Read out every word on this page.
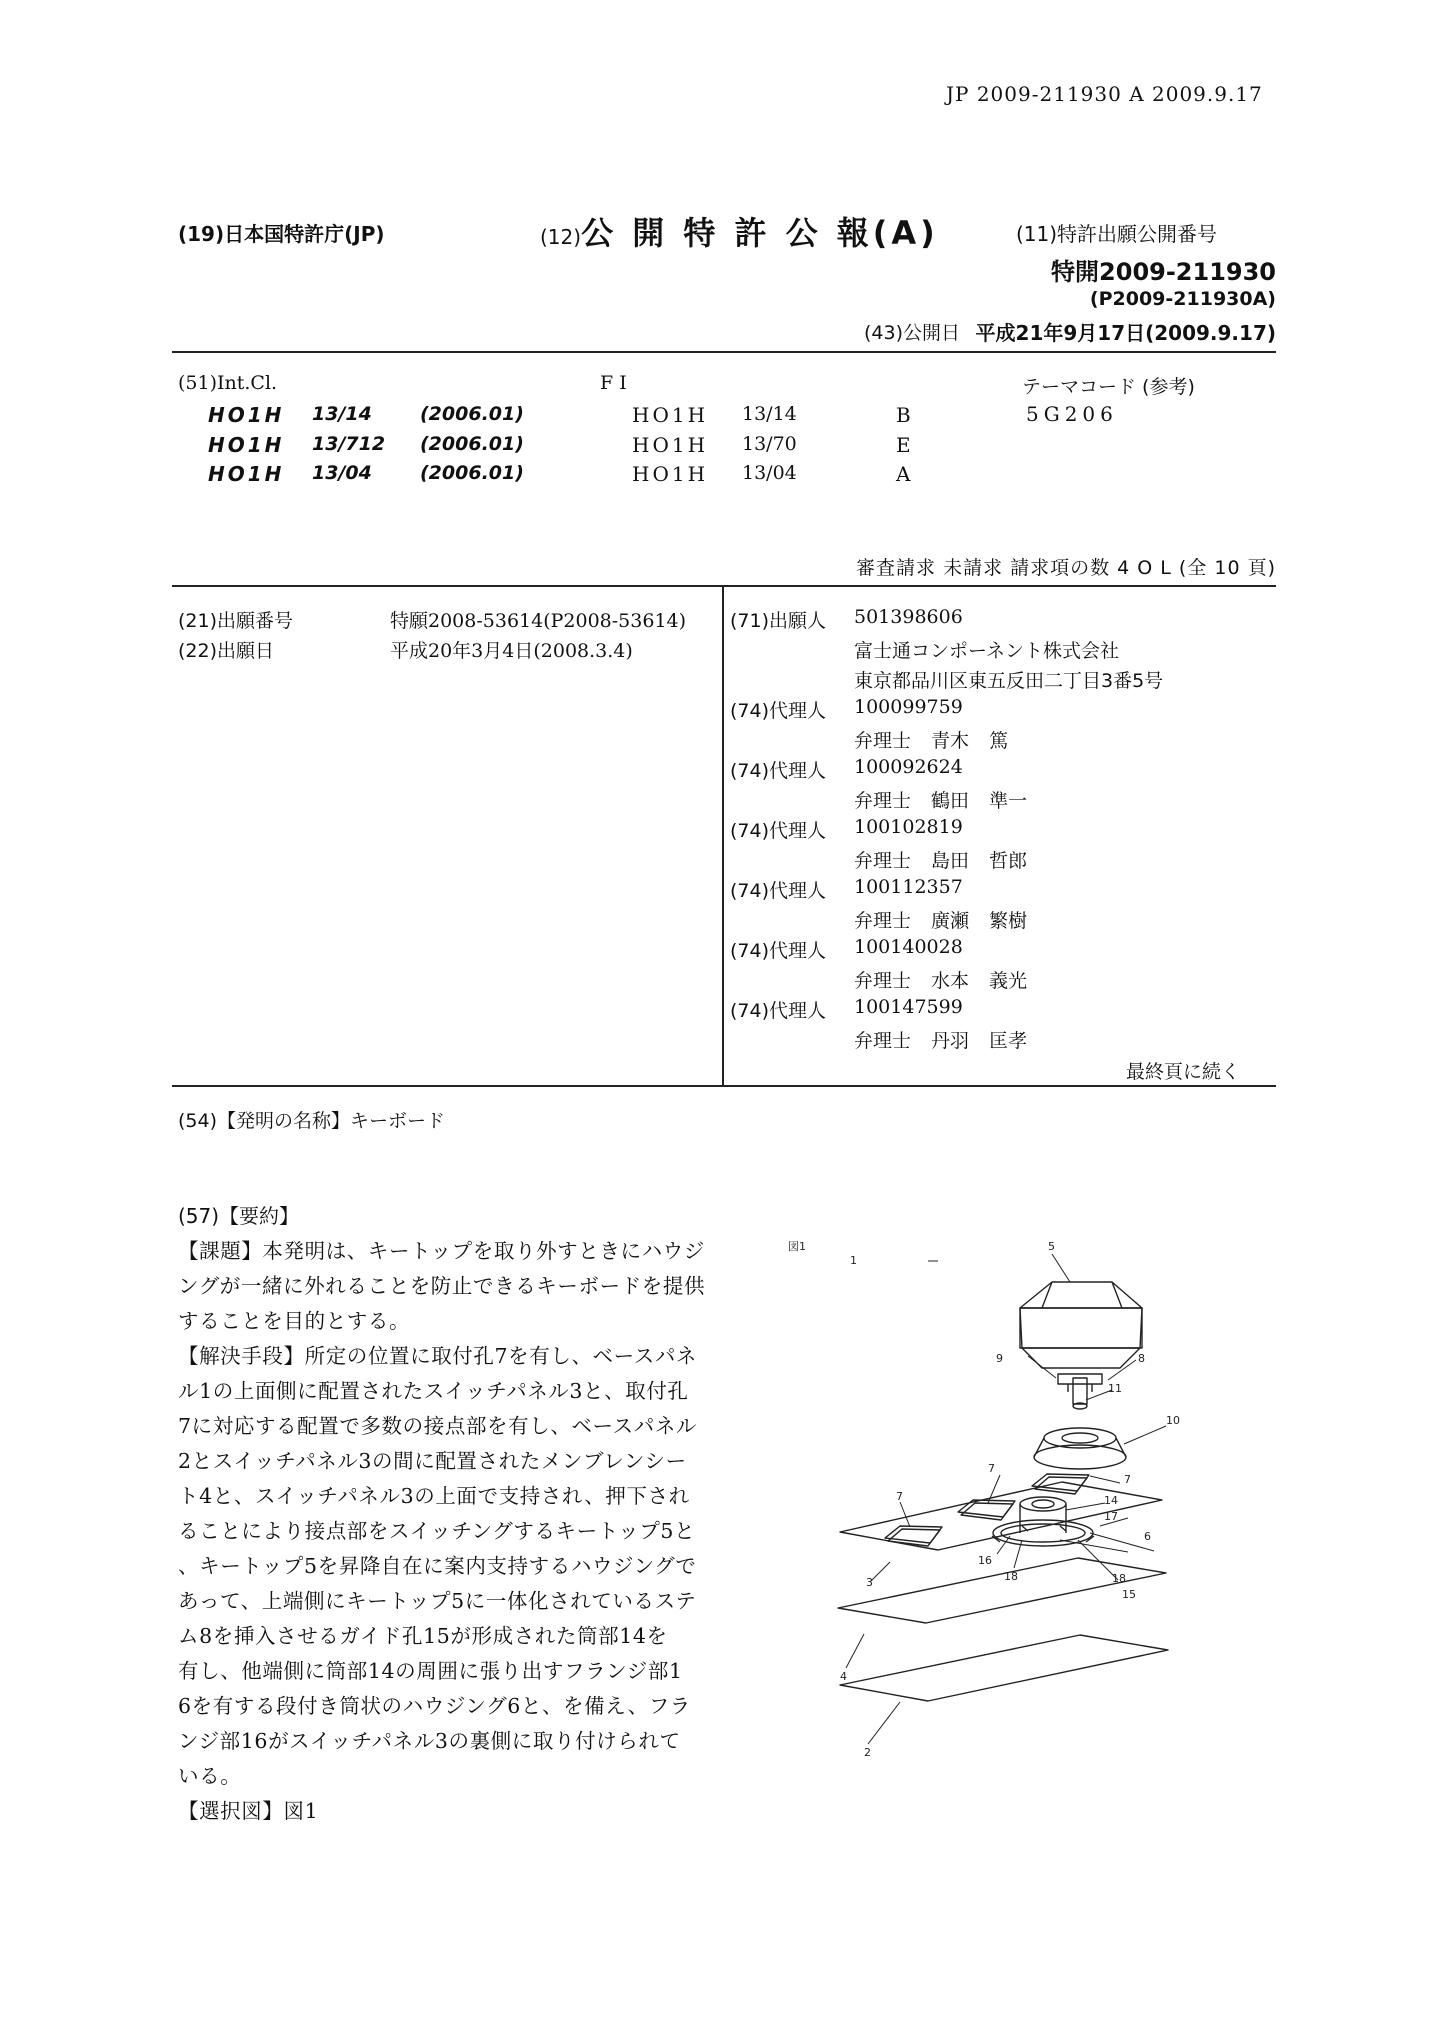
JP 2009-211930 A 2009.9.17
(19)日本国特許庁(JP)	(12)公 開 特 許 公 報(A)	(11)特許出願公開番号
特開2009-211930
(P2009-211930A)
(43)公開日 平成21年9月17日(2009.9.17)
(51)Int.Cl.	F I	テーマコード (参考)
5G206
HO1H 13/14	(2006.01)	HO1H 13/14	B
HO1H 13/712 (2006.01)	HO1H 13/70	E
HO1H 13/04	(2006.01)	HO1H 13/04	A
審査請求 未請求 請求項の数 4 O L (全 10 頁)
(21)出願番号	特願2008-53614(P2008-53614)
(22)出願日	平成20年3月4日(2008.3.4)
(71)出願人 501398606
富士通コンポーネント株式会社
東京都品川区東五反田二丁目3番5号
(74)代理人 100099759
弁理士 青木 篤
(74)代理人 100092624
弁理士 鶴田 準一
(74)代理人 100102819
弁理士 島田 哲郎
(74)代理人 100112357
弁理士 廣瀬 繁樹
(74)代理人 100140028
弁理士 水本 義光
(74)代理人 100147599
弁理士 丹羽 匡孝
最終頁に続く
(54)【発明の名称】キーボード
(57)【要約】
【課題】本発明は、キートップを取り外すときにハウジ
ングが一緒に外れることを防止できるキーボードを提供
することを目的とする。
【解決手段】所定の位置に取付孔7を有し、ベースパネ
ル1の上面側に配置されたスイッチパネル3と、取付孔
7に対応する配置で多数の接点部を有し、ベースパネル
2とスイッチパネル3の間に配置されたメンブレンシー
ト4と、スイッチパネル3の上面で支持され、押下され
ることにより接点部をスイッチングするキートップ5と
、キートップ5を昇降自在に案内支持するハウジングで
あって、上端側にキートップ5に一体化されているステ
ム8を挿入させるガイド孔15が形成された筒部14を
有し、他端側に筒部14の周囲に張り出すフランジ部1
6を有する段付き筒状のハウジング6と、を備え、フラ
ンジ部16がスイッチパネル3の裏側に取り付けられて
いる。
【選択図】図1
図1
1
5
8
9
11
10
7
7
7	14
17
6
16
18	18
3
15
4
2
